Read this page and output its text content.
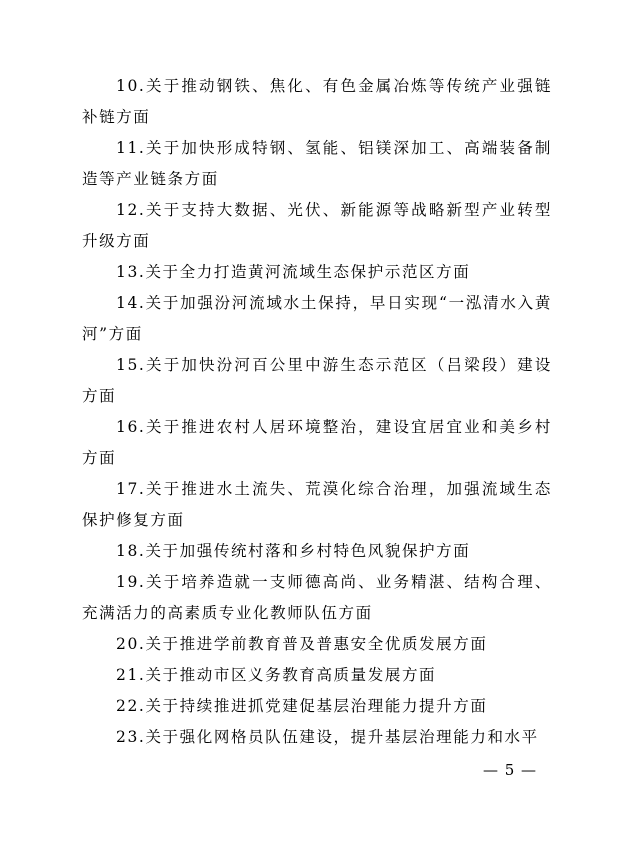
10.关于推动钢铁、焦化、有色金属冶炼等传统产业强链补链方面

11.关于加快形成特钢、氢能、铝镁深加工、高端装备制造等产业链条方面

12.关于支持大数据、光伏、新能源等战略新型产业转型升级方面

13.关于全力打造黄河流域生态保护示范区方面

14.关于加强汾河流域水土保持，早日实现“一泓清水入黄河”方面

15.关于加快汾河百公里中游生态示范区（吕梁段）建设方面

16.关于推进农村人居环境整治，建设宜居宜业和美乡村方面

17.关于推进水土流失、荒漠化综合治理，加强流域生态保护修复方面

18.关于加强传统村落和乡村特色风貌保护方面

19.关于培养造就一支师德高尚、业务精湛、结构合理、充满活力的高素质专业化教师队伍方面

20.关于推进学前教育普及普惠安全优质发展方面

21.关于推动市区义务教育高质量发展方面

22.关于持续推进抓党建促基层治理能力提升方面

23.关于强化网格员队伍建设，提升基层治理能力和水平

— 5 —
